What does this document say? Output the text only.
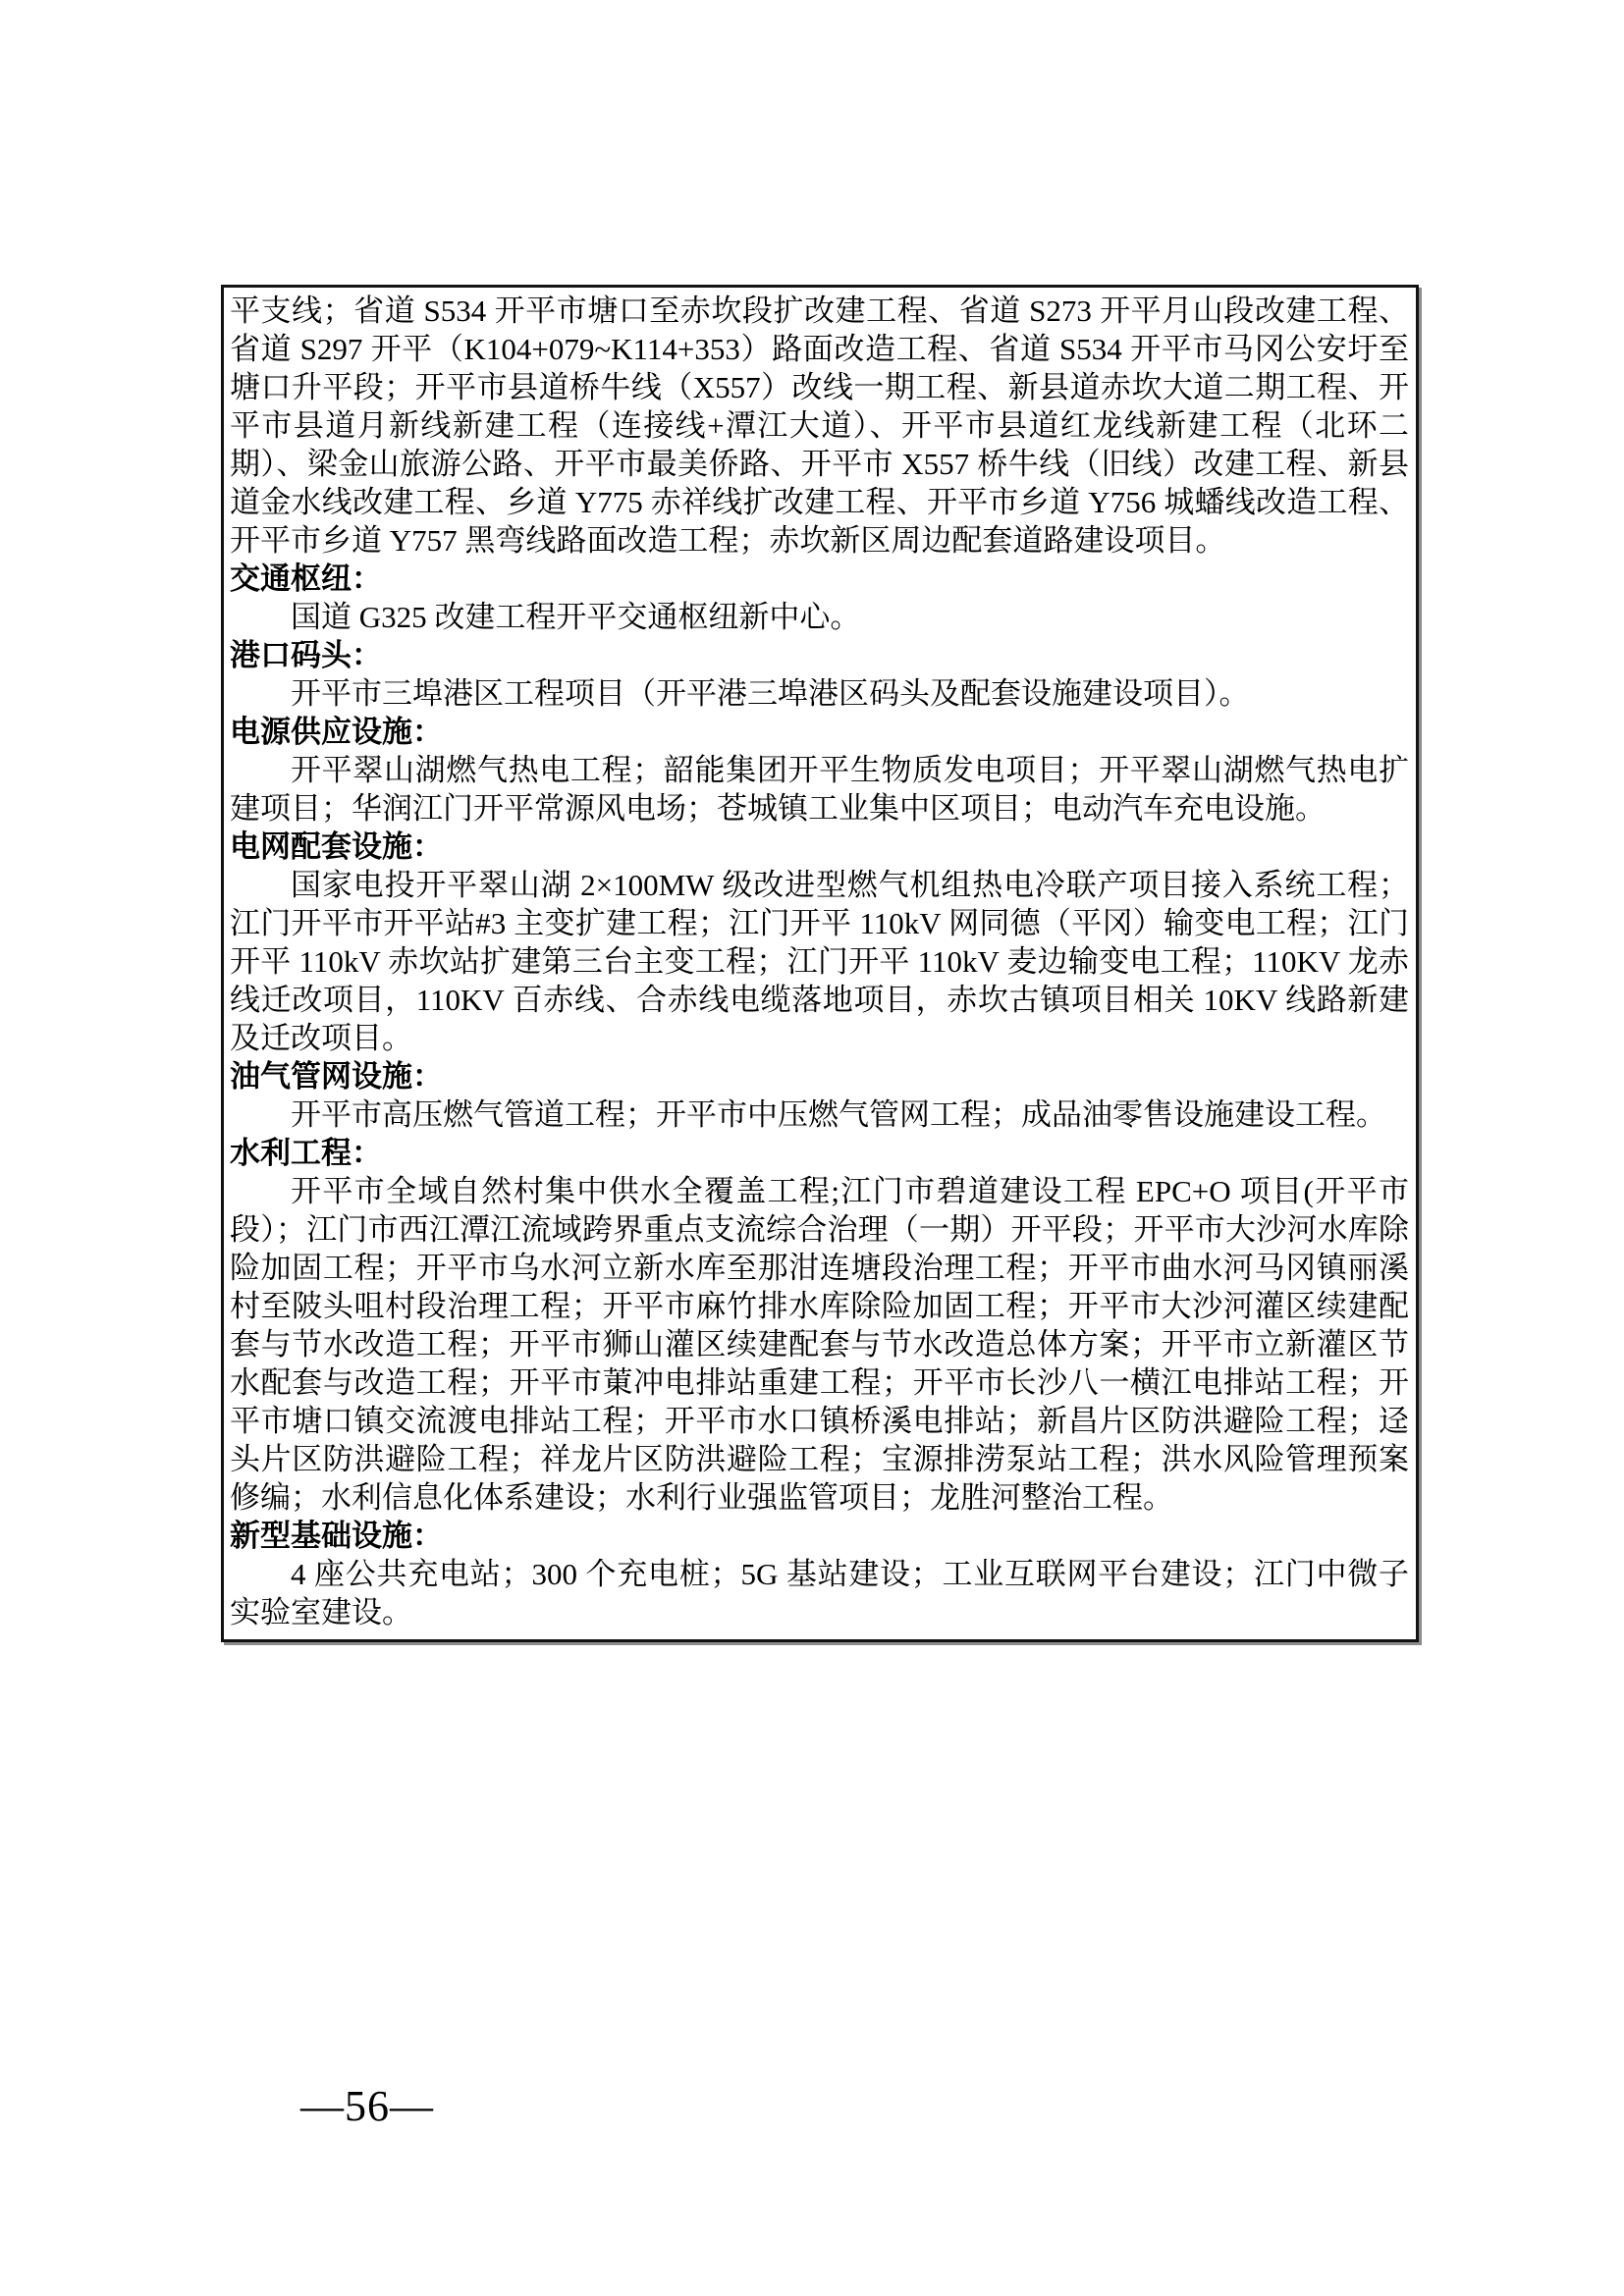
平支线；省道 S534 开平市塘口至赤坎段扩改建工程、省道 S273 开平月山段改建工程、省道 S297 开平（K104+079~K114+353）路面改造工程、省道 S534 开平市马冈公安圩至塘口升平段；开平市县道桥牛线（X557）改线一期工程、新县道赤坎大道二期工程、开平市县道月新线新建工程（连接线+潭江大道）、开平市县道红龙线新建工程（北环二期）、梁金山旅游公路、开平市最美侨路、开平市 X557 桥牛线（旧线）改建工程、新县道金水线改建工程、乡道 Y775 赤祥线扩改建工程、开平市乡道 Y756 城蟠线改造工程、开平市乡道 Y757 黑弯线路面改造工程；赤坎新区周边配套道路建设项目。

交通枢纽：

国道 G325 改建工程开平交通枢纽新中心。

港口码头：

开平市三埠港区工程项目（开平港三埠港区码头及配套设施建设项目）。

电源供应设施：

开平翠山湖燃气热电工程；韶能集团开平生物质发电项目；开平翠山湖燃气热电扩建项目；华润江门开平常源风电场；苍城镇工业集中区项目；电动汽车充电设施。

电网配套设施：

国家电投开平翠山湖 2×100MW 级改进型燃气机组热电冷联产项目接入系统工程；江门开平市开平站#3 主变扩建工程；江门开平 110kV 网同德（平冈）输变电工程；江门开平 110kV 赤坎站扩建第三台主变工程；江门开平 110kV 麦边输变电工程；110KV 龙赤线迁改项目，110KV 百赤线、合赤线电缆落地项目，赤坎古镇项目相关 10KV 线路新建及迁改项目。

油气管网设施：

开平市高压燃气管道工程；开平市中压燃气管网工程；成品油零售设施建设工程。

水利工程：

开平市全域自然村集中供水全覆盖工程;江门市碧道建设工程 EPC+O 项目(开平市段）；江门市西江潭江流域跨界重点支流综合治理（一期）开平段；开平市大沙河水库除险加固工程；开平市乌水河立新水库至那泔连塘段治理工程；开平市曲水河马冈镇丽溪村至陂头咀村段治理工程；开平市麻竹排水库除险加固工程；开平市大沙河灌区续建配套与节水改造工程；开平市狮山灌区续建配套与节水改造总体方案；开平市立新灌区节水配套与改造工程；开平市菄冲电排站重建工程；开平市长沙八一横江电排站工程；开平市塘口镇交流渡电排站工程；开平市水口镇桥溪电排站；新昌片区防洪避险工程；迳头片区防洪避险工程；祥龙片区防洪避险工程；宝源排涝泵站工程；洪水风险管理预案修编；水利信息化体系建设；水利行业强监管项目；龙胜河整治工程。

新型基础设施：

4 座公共充电站；300 个充电桩；5G 基站建设；工业互联网平台建设；江门中微子实验室建设。

—56—
